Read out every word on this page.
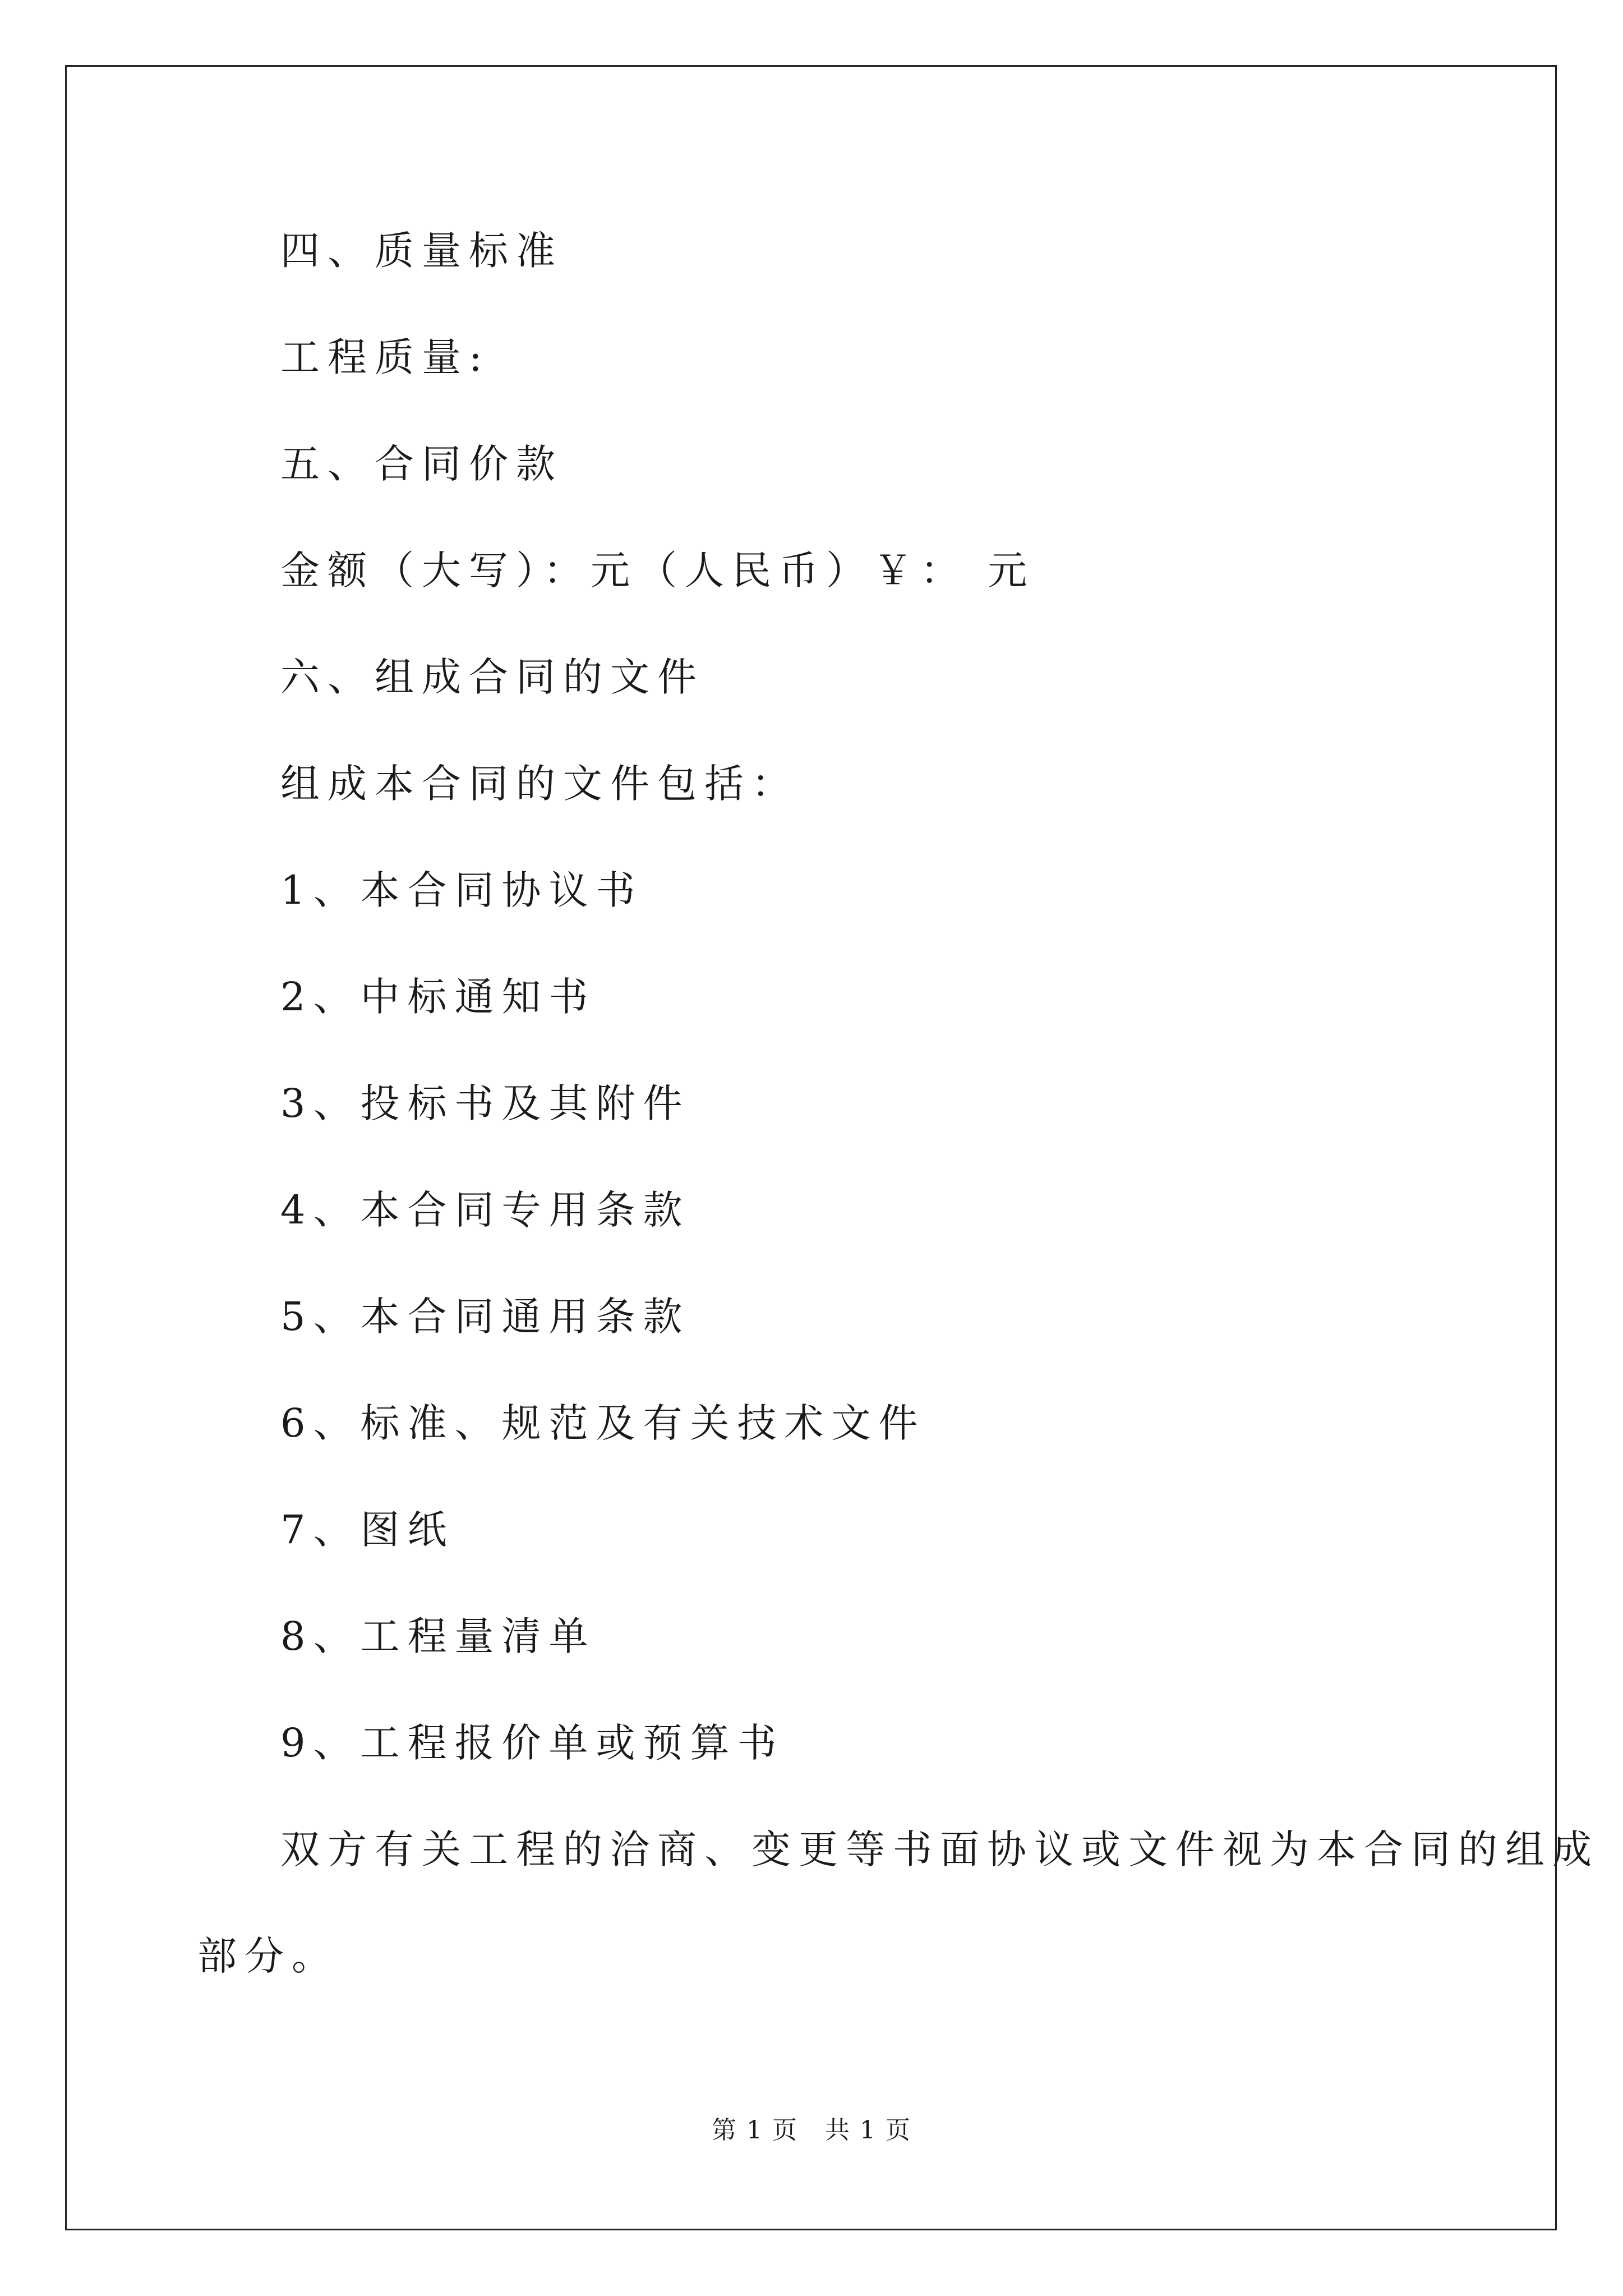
四、质量标准
工程质量:
五、合同价款
金额（大写）：元（人民币）￥： 元
六、组成合同的文件
组成本合同的文件包括：
1、本合同协议书
2、中标通知书
3、投标书及其附件
4、本合同专用条款
5、本合同通用条款
6、标准、规范及有关技术文件
7、图纸
8、工程量清单
9、工程报价单或预算书
双方有关工程的洽商、变更等书面协议或文件视为本合同的组成
部分。
第 1 页   共 1 页
